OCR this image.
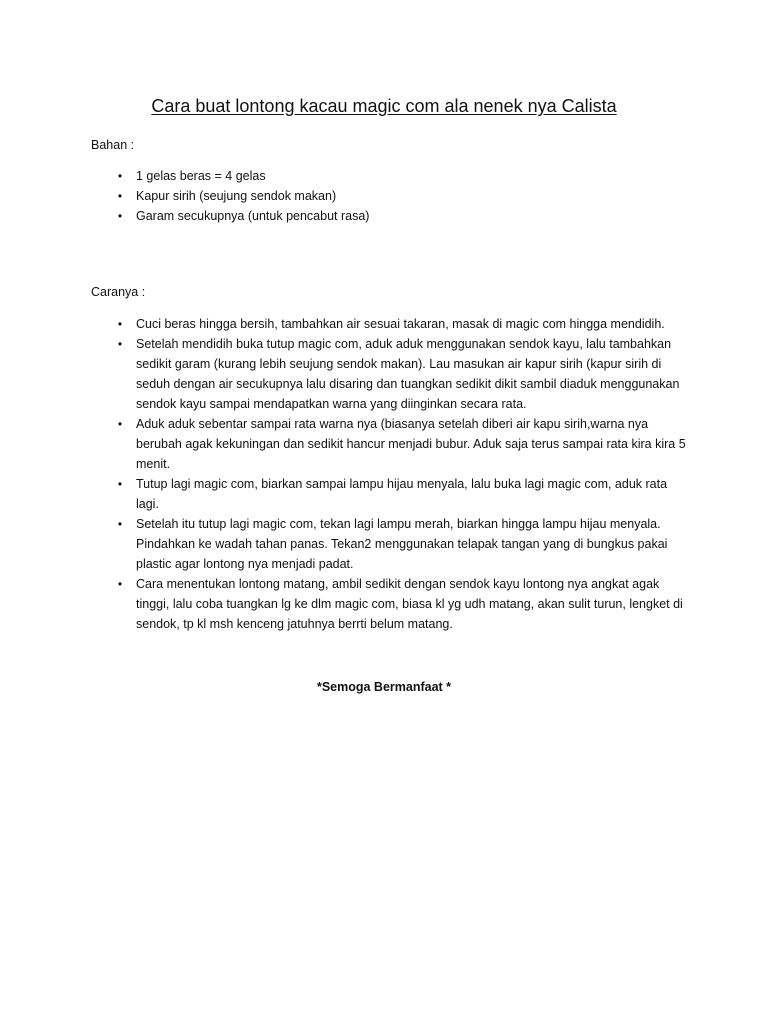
Cara buat lontong kacau magic com ala nenek nya Calista
Bahan :
• 1 gelas beras = 4 gelas
• Kapur sirih (seujung sendok makan)
• Garam secukupnya (untuk pencabut rasa)
Caranya :
• Cuci beras hingga bersih, tambahkan air sesuai takaran, masak di magic com hingga mendidih.
• Setelah mendidih buka tutup magic com, aduk aduk menggunakan sendok kayu, lalu tambahkan sedikit garam (kurang lebih seujung sendok makan). Lau masukan air kapur sirih (kapur sirih di seduh dengan air secukupnya lalu disaring dan tuangkan sedikit dikit sambil diaduk menggunakan sendok kayu sampai mendapatkan warna yang diinginkan secara rata.
• Aduk aduk sebentar sampai rata warna nya (biasanya setelah diberi air kapu sirih,warna nya berubah agak kekuningan dan sedikit hancur menjadi bubur. Aduk saja terus sampai rata kira kira 5 menit.
• Tutup lagi magic com, biarkan sampai lampu hijau menyala, lalu buka lagi magic com, aduk rata lagi.
• Setelah itu tutup lagi magic com, tekan lagi lampu merah, biarkan hingga lampu hijau menyala. Pindahkan ke wadah tahan panas. Tekan2 menggunakan telapak tangan yang di bungkus pakai plastic agar lontong nya menjadi padat.
• Cara menentukan lontong matang, ambil sedikit dengan sendok kayu lontong nya angkat agak tinggi, lalu coba tuangkan lg ke dlm magic com, biasa kl yg udh matang, akan sulit turun, lengket di sendok, tp kl msh kenceng jatuhnya berrti belum matang.
*Semoga Bermanfaat *
